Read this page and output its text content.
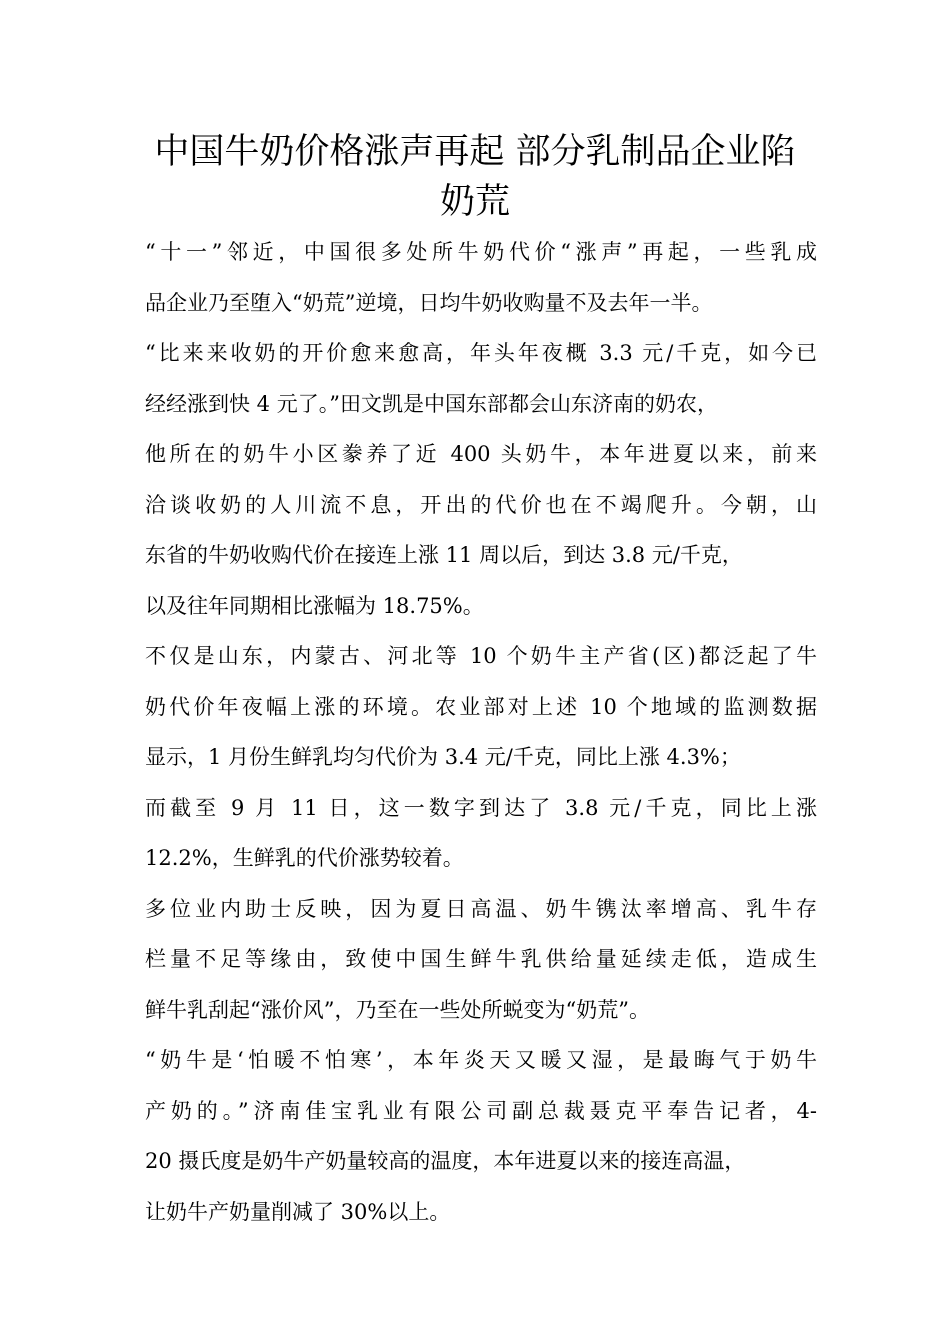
中国牛奶价格涨声再起 部分乳制品企业陷
奶荒

“十一”邻近，中国很多处所牛奶代价“涨声”再起，一些乳成
品企业乃至堕入“奶荒”逆境，日均牛奶收购量不及去年一半。

“比来来收奶的开价愈来愈高，年头年夜概 3.3 元/千克，如今已
经经涨到快 4 元了。”田文凯是中国东部都会山东济南的奶农，
他所在的奶牛小区豢养了近 400 头奶牛，本年进夏以来，前来
洽谈收奶的人川流不息，开出的代价也在不竭爬升。今朝，山
东省的牛奶收购代价在接连上涨 11 周以后，到达 3.8 元/千克，
以及往年同期相比涨幅为 18.75%。

不仅是山东，内蒙古、河北等 10 个奶牛主产省(区)都泛起了牛
奶代价年夜幅上涨的环境。农业部对上述 10 个地域的监测数据
显示，1 月份生鲜乳均匀代价为 3.4 元/千克，同比上涨 4.3%；
而截至 9 月 11 日，这一数字到达了 3.8 元/千克，同比上涨
12.2%，生鲜乳的代价涨势较着。

多位业内助士反映，因为夏日高温、奶牛镌汰率增高、乳牛存
栏量不足等缘由，致使中国生鲜牛乳供给量延续走低，造成生
鲜牛乳刮起“涨价风”，乃至在一些处所蜕变为“奶荒”。

“奶牛是‘怕暖不怕寒’，本年炎天又暖又湿，是最晦气于奶牛
产奶的。”济南佳宝乳业有限公司副总裁聂克平奉告记者，4-
20 摄氏度是奶牛产奶量较高的温度，本年进夏以来的接连高温，
让奶牛产奶量削减了 30%以上。
